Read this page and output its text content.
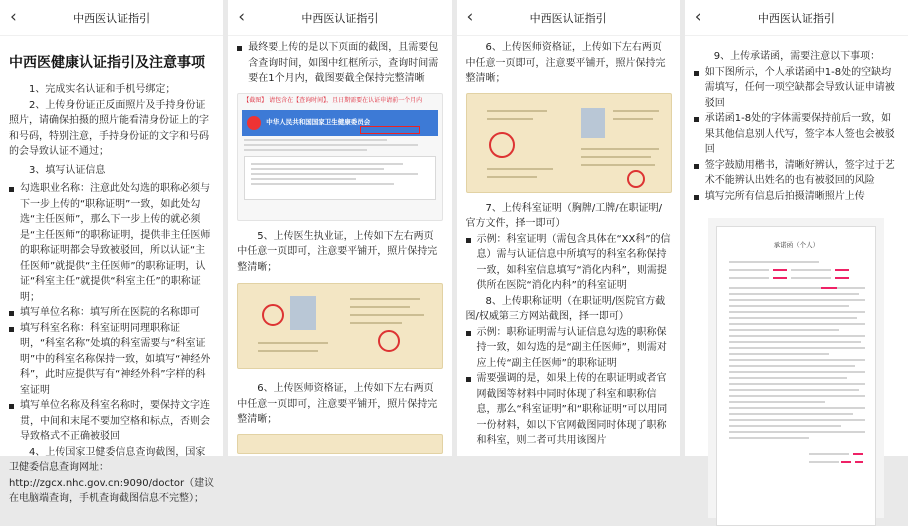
‹	中西医认证指引
中西医健康认证指引及注意事项

1、完成实名认证和手机号绑定；

2、上传身份证正反面照片及手持身份证照片，请确保拍摄的照片能看清身份证上的字和号码，特别注意，手持身份证的文字和号码的会导致认证不通过；

3、填写认证信息

勾选职业名称：注意此处勾选的职称必须与下一步上传的“职称证明”一致，如此处勾选“主任医师”，那么下一步上传的就必须是“主任医师”的职称证明，提供非主任医师的职称证明都会导致被驳回，所以认证“主任医师”就提供“主任医师”的职称证明，认证“科室主任”就提供“科室主任”的职称证明；
填写单位名称：填写所在医院的名称即可
填写科室名称：科室证明同理职称证明，“科室名称”处填的科室需要与“科室证明”中的科室名称保持一致，如填写“神经外科”，此时应提供写有“神经外科”字样的科室证明
填写单位名称及科室名称时，要保持文字连贯，中间和末尾不要加空格和标点，否则会导致格式不正确被驳回

4、上传国家卫健委信息查询截图，国家卫健委信息查询网址：http://zgcx.nhc.gov.cn:9090/doctor（建议在电脑端查询，手机查询截图信息不完整）；

‹	中西医认证指引
最终要上传的是以下页面的截图，且需要包含查询时间，如图中红框所示，查询时间需要在1个月内，截图要截全保持完整清晰
【截图】 请包含在【查询时间】，且日期需要在认证申请前一个月内
中华人民共和国国家卫生健康委员会

5、上传医生执业证，上传如下左右两页中任意一页即可，注意要平铺开，照片保持完整清晰；

6、上传医师资格证，上传如下左右两页中任意一页即可，注意要平铺开，照片保持完整清晰；

‹	中西医认证指引

6、上传医师资格证，上传如下左右两页中任意一页即可，注意要平铺开，照片保持完整清晰；

7、上传科室证明（胸牌/工牌/在职证明/官方文件，择一即可）

示例：科室证明（需包含具体在“XX科”的信息）需与认证信息中所填写的科室名称保持一致，如科室信息填写“消化内科”，则需提供所在医院“消化内科”的科室证明

8、上传职称证明（在职证明/医院官方截图/权威第三方网站截图，择一即可）

示例：职称证明需与认证信息勾选的职称保持一致，如勾选的是“副主任医师”，则需对应上传“副主任医师”的职称证明
需要强调的是，如果上传的在职证明或者官网截图等材料中同时体现了科室和职称信息，那么“科室证明”和“职称证明”可以用同一份材料，如以下官网截图同时体现了职称和科室，则二者可共用该图片
‹	中西医认证指引

9、上传承诺函，需要注意以下事项：

如下图所示，个人承诺函中1-8处的空缺均需填写，任何一项空缺都会导致认证申请被驳回
承诺函1-8处的字体需要保持前后一致，如果其他信息别人代写，签字本人签也会被驳回
签字鼓励用楷书，清晰好辨认，签字过于艺术不能辨认出姓名的也有被驳回的风险
填写完所有信息后拍摄清晰照片上传
承诺函（个人）
